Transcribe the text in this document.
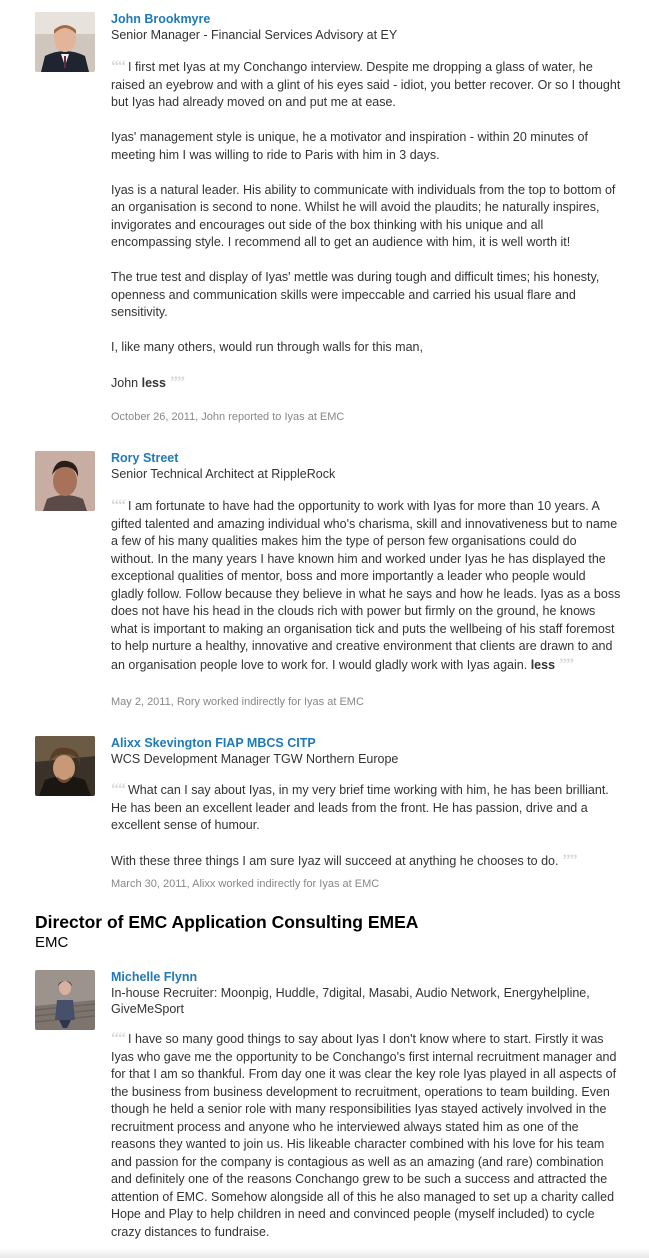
John Brookmyre
Senior Manager - Financial Services Advisory at EY

““ I first met Iyas at my Conchango interview. Despite me dropping a glass of water, he raised an eyebrow and with a glint of his eyes said - idiot, you better recover. Or so I thought but Iyas had already moved on and put me at ease.

Iyas' management style is unique, he a motivator and inspiration - within 20 minutes of meeting him I was willing to ride to Paris with him in 3 days.

Iyas is a natural leader. His ability to communicate with individuals from the top to bottom of an organisation is second to none. Whilst he will avoid the plaudits; he naturally inspires, invigorates and encourages out side of the box thinking with his unique and all encompassing style. I recommend all to get an audience with him, it is well worth it!

The true test and display of Iyas' mettle was during tough and difficult times; his honesty, openness and communication skills were impeccable and carried his usual flare and sensitivity.

I, like many others, would run through walls for this man,

John less ””

October 26, 2011, John reported to Iyas at EMC
Rory Street
Senior Technical Architect at RippleRock

““ I am fortunate to have had the opportunity to work with Iyas for more than 10 years. A gifted talented and amazing individual who's charisma, skill and innovativeness but to name a few of his many qualities makes him the type of person few organisations could do without. In the many years I have known him and worked under Iyas he has displayed the exceptional qualities of mentor, boss and more importantly a leader who people would gladly follow. Follow because they believe in what he says and how he leads. Iyas as a boss does not have his head in the clouds rich with power but firmly on the ground, he knows what is important to making an organisation tick and puts the wellbeing of his staff foremost to help nurture a healthy, innovative and creative environment that clients are drawn to and an organisation people love to work for. I would gladly work with Iyas again. less ””

May 2, 2011, Rory worked indirectly for Iyas at EMC
Alixx Skevington FIAP MBCS CITP
WCS Development Manager TGW Northern Europe

““ What can I say about Iyas, in my very brief time working with him, he has been brilliant. He has been an excellent leader and leads from the front. He has passion, drive and a excellent sense of humour.

With these three things I am sure Iyaz will succeed at anything he chooses to do. ””

March 30, 2011, Alixx worked indirectly for Iyas at EMC
Director of EMC Application Consulting EMEA
EMC
Michelle Flynn
In-house Recruiter: Moonpig, Huddle, 7digital, Masabi, Audio Network, Energyhelpline, GiveMeSport

““ I have so many good things to say about Iyas I don't know where to start. Firstly it was Iyas who gave me the opportunity to be Conchango's first internal recruitment manager and for that I am so thankful. From day one it was clear the key role Iyas played in all aspects of the business from business development to recruitment, operations to team building. Even though he held a senior role with many responsibilities Iyas stayed actively involved in the recruitment process and anyone who he interviewed always stated him as one of the reasons they wanted to join us. His likeable character combined with his love for his team and passion for the company is contagious as well as an amazing (and rare) combination and definitely one of the reasons Conchango grew to be such a success and attracted the attention of EMC. Somehow alongside all of this he also managed to set up a charity called Hope and Play to help children in need and convinced people (myself included) to cycle crazy distances to fundraise.
